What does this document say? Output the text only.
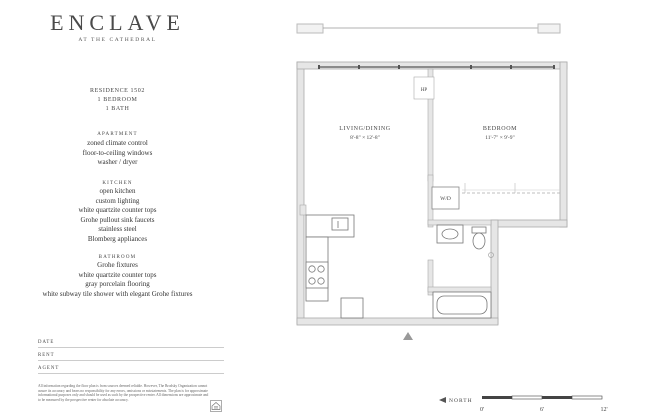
ENCLAVE
AT THE CATHEDRAL
RESIDENCE 1502
1 BEDROOM
1 BATH
APARTMENT
zoned climate control
floor-to-ceiling windows
washer / dryer
KITCHEN
open kitchen
custom lighting
white quartzite counter tops
Grohe pullout sink faucets
stainless steel
Blomberg appliances
BATHROOM
Grohe fixtures
white quartzite counter tops
gray porcelain flooring
white subway tile shower with elegant Grohe fixtures
DATE
RENT
AGENT
All information regarding the floor plan is from sources deemed reliable. However, The Brodsky Organization cannot assure its accuracy and bears no responsibility for any errors, omissions or misstatements. The plan is for approximate informational purposes only and should be used as such by the prospective renter. All dimensions are approximate and to be measured by the prospective renter for absolute accuracy.
HP
W/D
LIVING/DINING
8'-8" × 12'-8"
BEDROOM
11'-7" × 9'-9"
NORTH
0'	6'	12'
